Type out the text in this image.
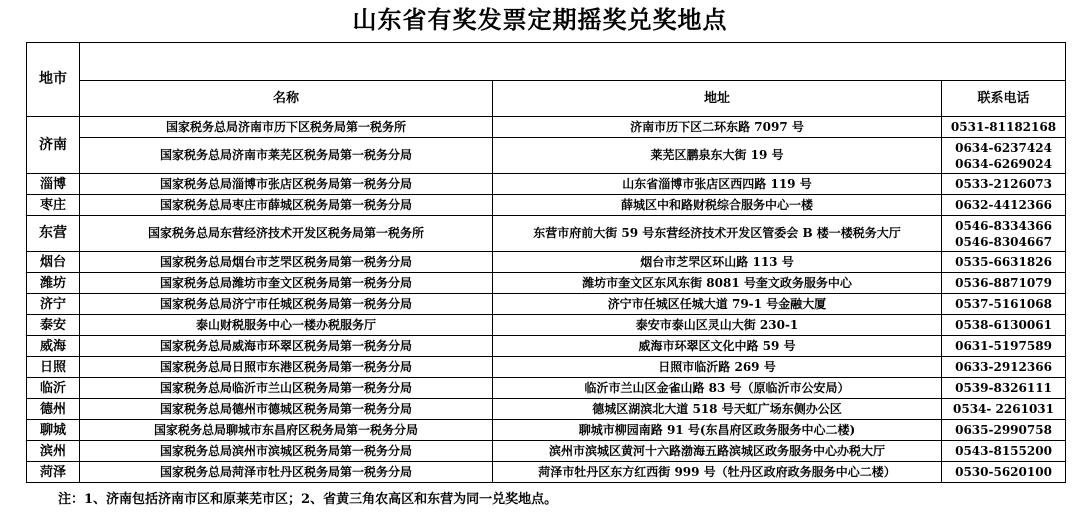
山东省有奖发票定期摇奖兑奖地点
地市			
	名称	地址	联系电话
济南	国家税务总局济南市历下区税务局第一税务所	济南市历下区二环东路 7097 号	0531-81182168
	国家税务总局济南市莱芜区税务局第一税务分局	莱芜区鹏泉东大街 19 号	0634-6237424
0634-6269024

淄博	国家税务总局淄博市张店区税务局第一税务分局	山东省淄博市张店区西四路 119 号	0533-2126073
枣庄	国家税务总局枣庄市薛城区税务局第一税务分局	薛城区中和路财税综合服务中心一楼	0632-4412366
东营	国家税务总局东营经济技术开发区税务局第一税务所	东营市府前大街 59 号东营经济技术开发区管委会 B 楼一楼税务大厅	0546-8334366
0546-8304667

烟台	国家税务总局烟台市芝罘区税务局第一税务分局	烟台市芝罘区环山路 113 号	0535-6631826
潍坊	国家税务总局潍坊市奎文区税务局第一税务分局	潍坊市奎文区东风东街 8081 号奎文政务服务中心	0536-8871079
济宁	国家税务总局济宁市任城区税务局第一税务分局	济宁市任城区任城大道 79-1 号金融大厦	0537-5161068
泰安	泰山财税服务中心一楼办税服务厅	泰安市泰山区灵山大街 230-1	0538-6130061
威海	国家税务总局威海市环翠区税务局第一税务分局	威海市环翠区文化中路 59 号	0631-5197589
日照	国家税务总局日照市东港区税务局第一税务分局	日照市临沂路 269 号	0633-2912366
临沂	国家税务总局临沂市兰山区税务局第一税务分局	临沂市兰山区金雀山路 83 号（原临沂市公安局）	0539-8326111
德州	国家税务总局德州市德城区税务局第一税务分局	德城区湖滨北大道 518 号天虹广场东侧办公区	0534- 2261031
聊城	国家税务总局聊城市东昌府区税务局第一税务分局	聊城市柳园南路 91 号(东昌府区政务服务中心二楼)	0635-2990758
滨州	国家税务总局滨州市滨城区税务局第一税务分局	滨州市滨城区黄河十六路渤海五路滨城区政务服务中心办税大厅	0543-8155200
菏泽	国家税务总局菏泽市牡丹区税务局第一税务分局	菏泽市牡丹区东方红西街 999 号（牡丹区政府政务服务中心二楼）	0530-5620100
注：1、济南包括济南市区和原莱芜市区；2、省黄三角农高区和东营为同一兑奖地点。
